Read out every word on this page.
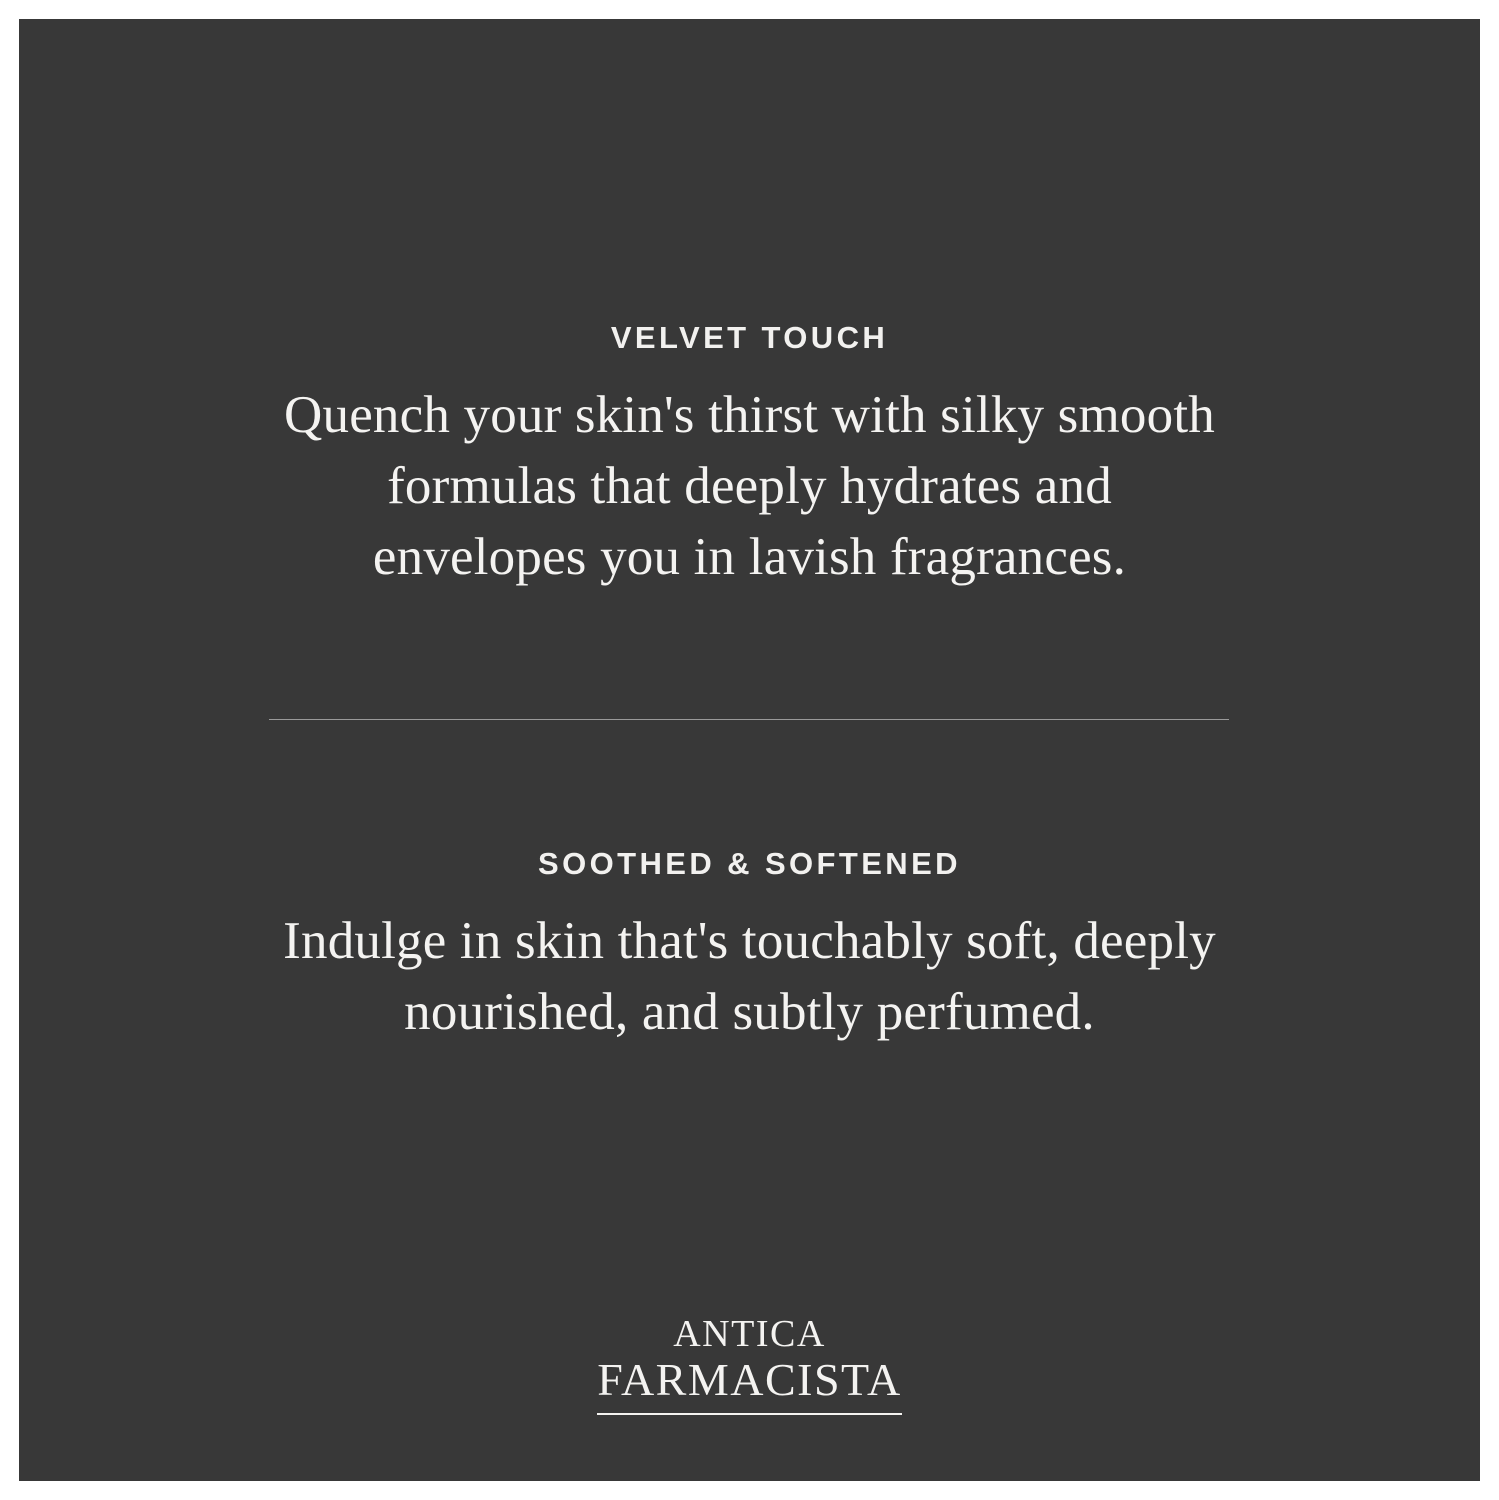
VELVET TOUCH
Quench your skin's thirst with silky smooth formulas that deeply hydrates and envelopes you in lavish fragrances.
SOOTHED & SOFTENED
Indulge in skin that's touchably soft, deeply nourished, and subtly perfumed.
ANTICA
FARMACISTA
